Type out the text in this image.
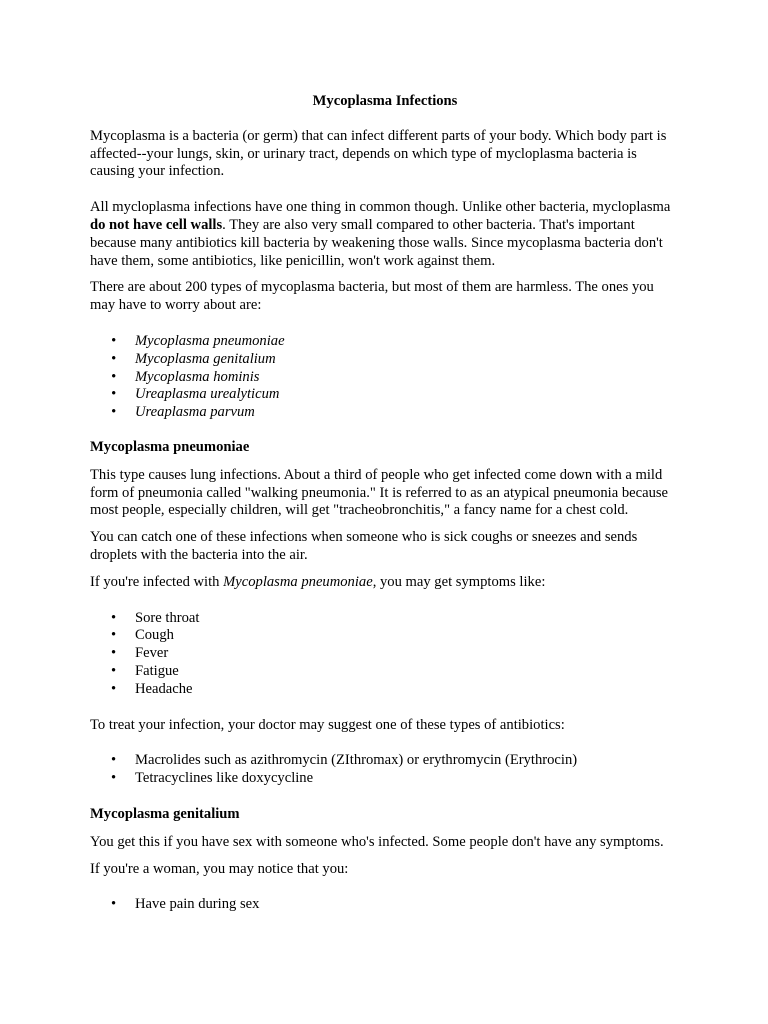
Mycoplasma Infections

Mycoplasma is a bacteria (or germ) that can infect different parts of your body. Which body part is affected--your lungs, skin, or urinary tract, depends on which type of mycloplasma bacteria is causing your infection.

All mycloplasma infections have one thing in common though. Unlike other bacteria, mycloplasma do not have cell walls. They are also very small compared to other bacteria. That's important because many antibiotics kill bacteria by weakening those walls. Since mycoplasma bacteria don't have them, some antibiotics, like penicillin, won't work against them.

There are about 200 types of mycoplasma bacteria, but most of them are harmless. The ones you may have to worry about are:

• Mycoplasma pneumoniae
• Mycoplasma genitalium
• Mycoplasma hominis
• Ureaplasma urealyticum
• Ureaplasma parvum

Mycoplasma pneumoniae

This type causes lung infections. About a third of people who get infected come down with a mild form of pneumonia called "walking pneumonia." It is referred to as an atypical pneumonia because most people, especially children, will get "tracheobronchitis," a fancy name for a chest cold.

You can catch one of these infections when someone who is sick coughs or sneezes and sends droplets with the bacteria into the air.

If you're infected with Mycoplasma pneumoniae, you may get symptoms like:

• Sore throat
• Cough
• Fever
• Fatigue
• Headache

To treat your infection, your doctor may suggest one of these types of antibiotics:

• Macrolides such as azithromycin (ZIthromax) or erythromycin (Erythrocin)
• Tetracyclines like doxycycline

Mycoplasma genitalium

You get this if you have sex with someone who's infected. Some people don't have any symptoms.

If you're a woman, you may notice that you:

• Have pain during sex
